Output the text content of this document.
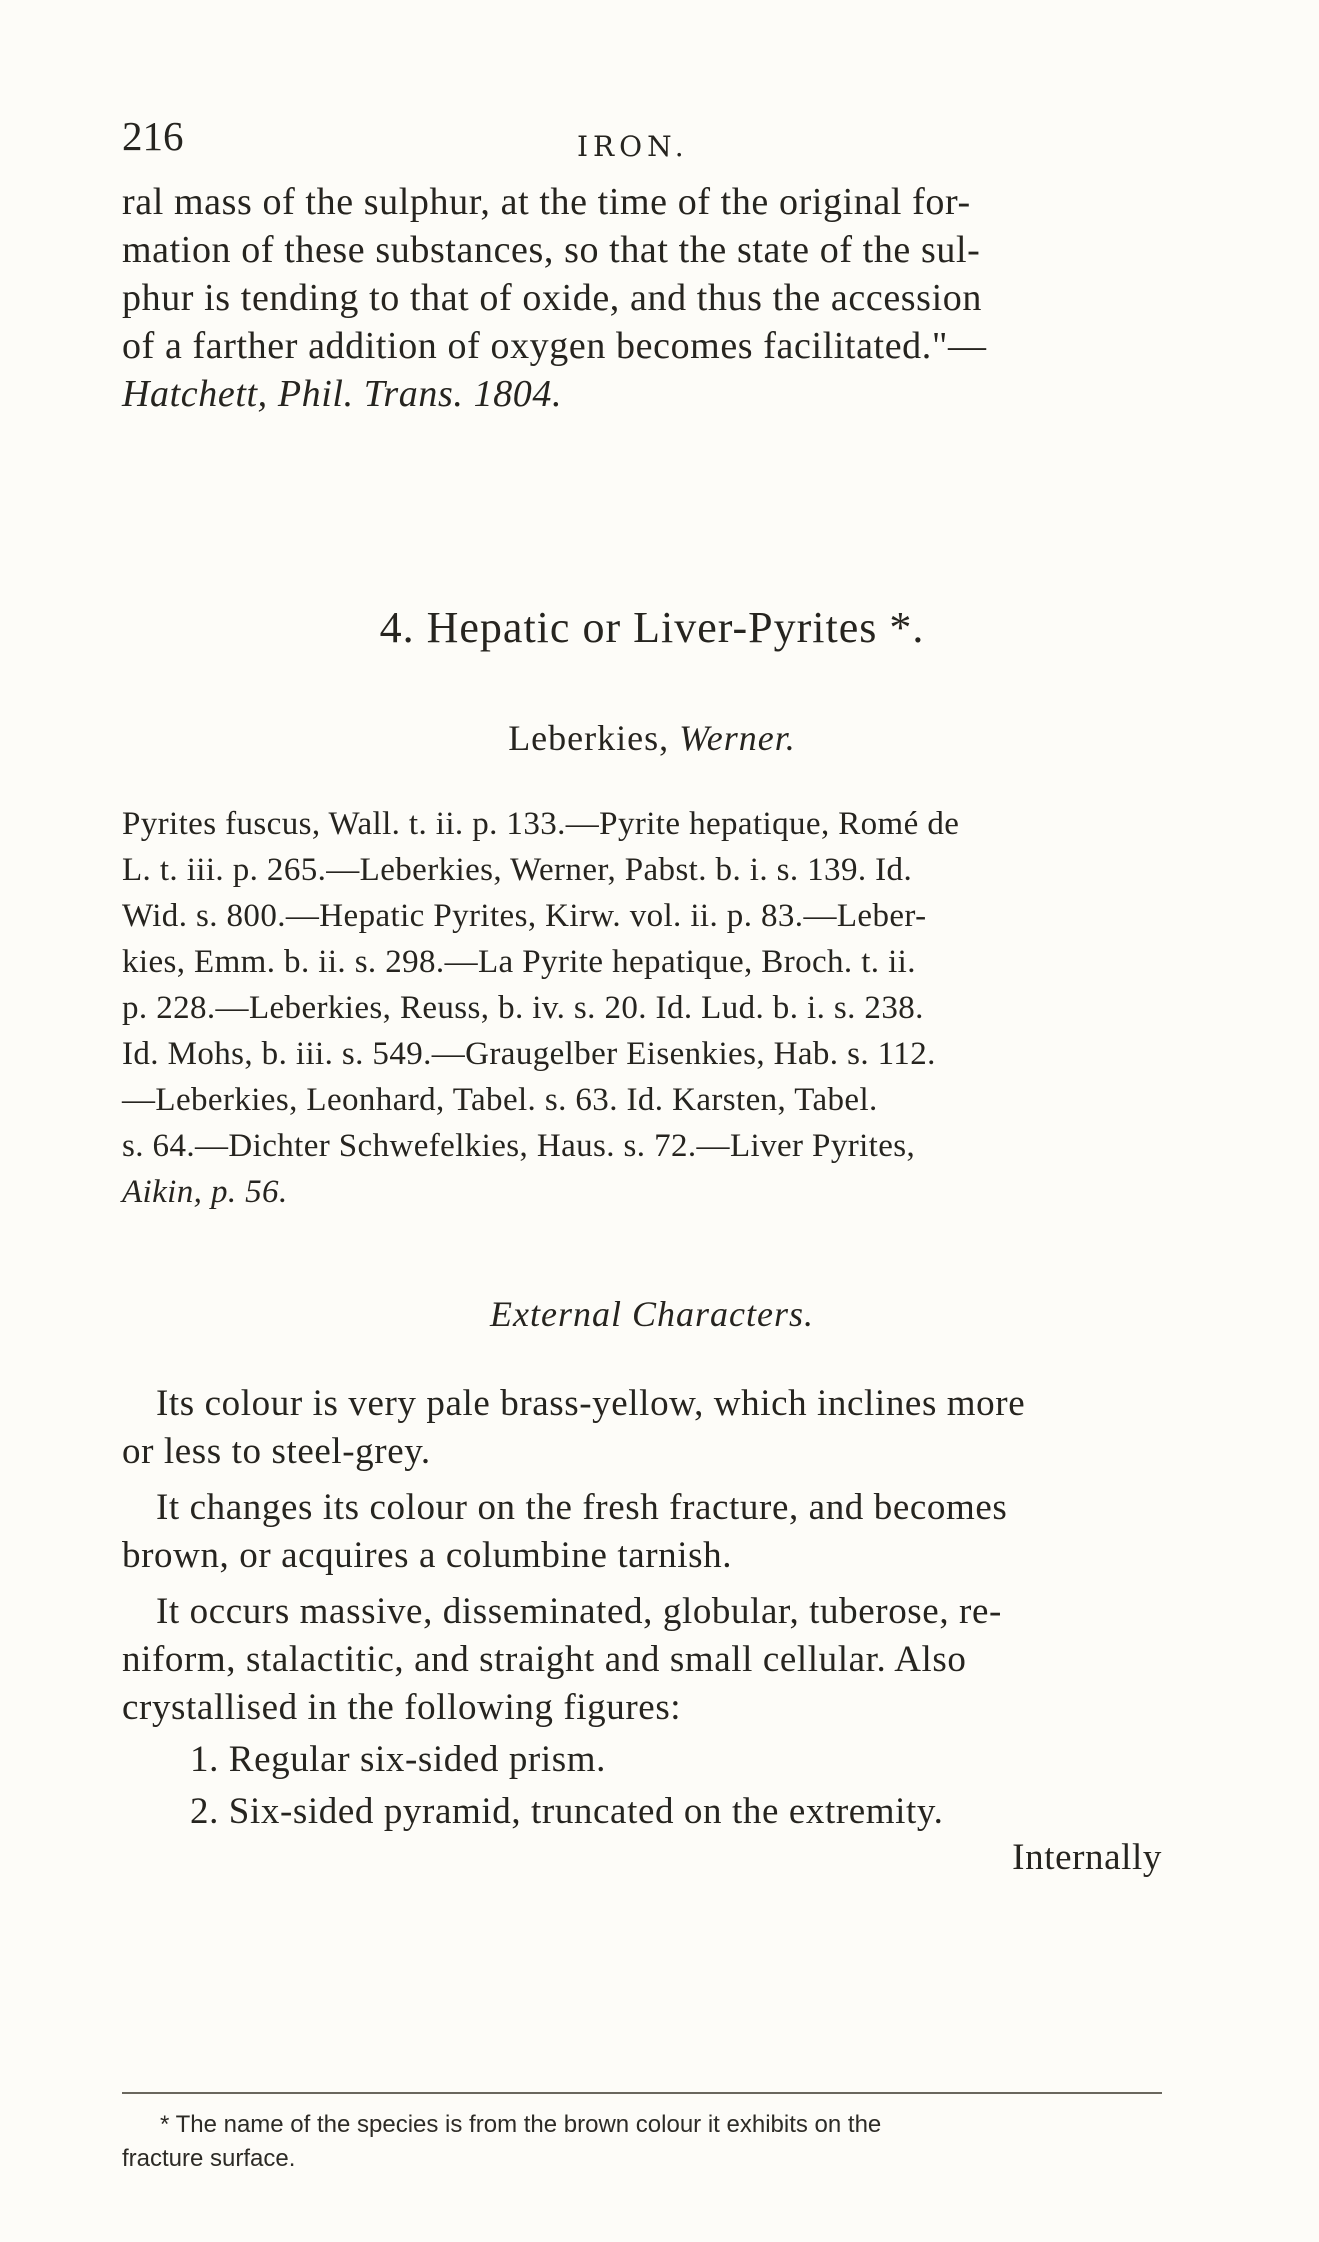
216	IRON.
ral mass of the sulphur, at the time of the original for-
mation of these substances, so that the state of the sul-
phur is tending to that of oxide, and thus the accession
of a farther addition of oxygen becomes facilitated."—
Hatchett, Phil. Trans. 1804.
4. Hepatic or Liver-Pyrites *.
Leberkies, Werner.
Pyrites fuscus, Wall. t. ii. p. 133.—Pyrite hepatique, Romé de
L. t. iii. p. 265.—Leberkies, Werner, Pabst. b. i. s. 139. Id.
Wid. s. 800.—Hepatic Pyrites, Kirw. vol. ii. p. 83.—Leber-
kies, Emm. b. ii. s. 298.—La Pyrite hepatique, Broch. t. ii.
p. 228.—Leberkies, Reuss, b. iv. s. 20. Id. Lud. b. i. s. 238.
Id. Mohs, b. iii. s. 549.—Graugelber Eisenkies, Hab. s. 112.
—Leberkies, Leonhard, Tabel. s. 63. Id. Karsten, Tabel.
s. 64.—Dichter Schwefelkies, Haus. s. 72.—Liver Pyrites,
Aikin, p. 56.
External Characters.
Its colour is very pale brass-yellow, which inclines more
or less to steel-grey.
It changes its colour on the fresh fracture, and becomes
brown, or acquires a columbine tarnish.
It occurs massive, disseminated, globular, tuberose, re-
niform, stalactitic, and straight and small cellular. Also
crystallised in the following figures:
1. Regular six-sided prism.
2. Six-sided pyramid, truncated on the extremity.
Internally
* The name of the species is from the brown colour it exhibits on the
fracture surface.
